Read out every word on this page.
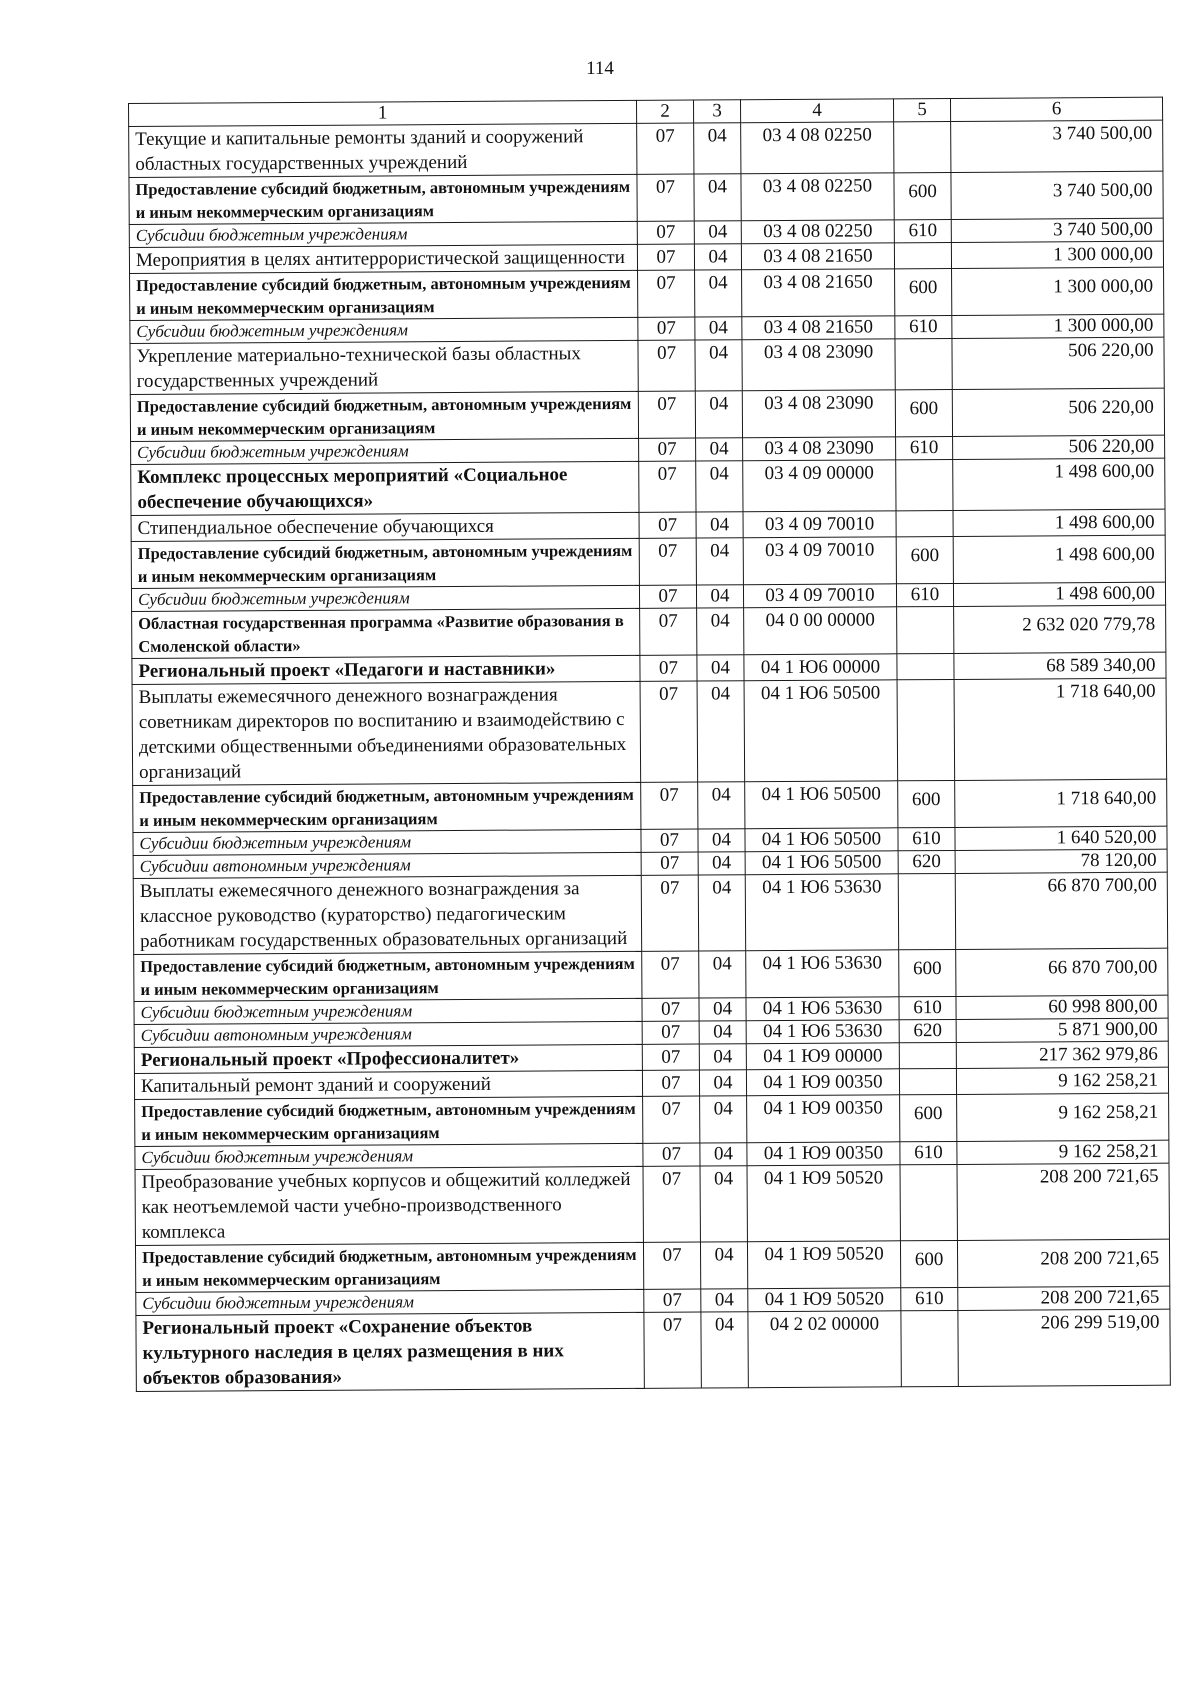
114
1	2	3	4	5	6
Текущие и капитальные ремонты зданий и сооружений областных государственных учреждений	07	04	03 4 08 02250		3 740 500,00
Предоставление субсидий бюджетным, автономным учреждениям и иным некоммерческим организациям	07	04	03 4 08 02250	600	3 740 500,00
Субсидии бюджетным учреждениям	07	04	03 4 08 02250	610	3 740 500,00
Мероприятия в целях антитеррористической защищенности	07	04	03 4 08 21650		1 300 000,00
Предоставление субсидий бюджетным, автономным учреждениям и иным некоммерческим организациям	07	04	03 4 08 21650	600	1 300 000,00
Субсидии бюджетным учреждениям	07	04	03 4 08 21650	610	1 300 000,00
Укрепление материально-технической базы областных государственных учреждений	07	04	03 4 08 23090		506 220,00
Предоставление субсидий бюджетным, автономным учреждениям и иным некоммерческим организациям	07	04	03 4 08 23090	600	506 220,00
Субсидии бюджетным учреждениям	07	04	03 4 08 23090	610	506 220,00
Комплекс процессных мероприятий «Социальное обеспечение обучающихся»	07	04	03 4 09 00000		1 498 600,00
Стипендиальное обеспечение обучающихся	07	04	03 4 09 70010		1 498 600,00
Предоставление субсидий бюджетным, автономным учреждениям и иным некоммерческим организациям	07	04	03 4 09 70010	600	1 498 600,00
Субсидии бюджетным учреждениям	07	04	03 4 09 70010	610	1 498 600,00
Областная государственная программа «Развитие образования в Смоленской области»	07	04	04 0 00 00000		2 632 020 779,78
Региональный проект «Педагоги и наставники»	07	04	04 1 Ю6 00000		68 589 340,00
Выплаты ежемесячного денежного вознаграждения советникам директоров по воспитанию и взаимодействию с детскими общественными объединениями образовательных организаций	07	04	04 1 Ю6 50500		1 718 640,00
Предоставление субсидий бюджетным, автономным учреждениям и иным некоммерческим организациям	07	04	04 1 Ю6 50500	600	1 718 640,00
Субсидии бюджетным учреждениям	07	04	04 1 Ю6 50500	610	1 640 520,00
Субсидии автономным учреждениям	07	04	04 1 Ю6 50500	620	78 120,00
Выплаты ежемесячного денежного вознаграждения за классное руководство (кураторство) педагогическим работникам государственных образовательных организаций	07	04	04 1 Ю6 53630		66 870 700,00
Предоставление субсидий бюджетным, автономным учреждениям и иным некоммерческим организациям	07	04	04 1 Ю6 53630	600	66 870 700,00
Субсидии бюджетным учреждениям	07	04	04 1 Ю6 53630	610	60 998 800,00
Субсидии автономным учреждениям	07	04	04 1 Ю6 53630	620	5 871 900,00
Региональный проект «Профессионалитет»	07	04	04 1 Ю9 00000		217 362 979,86
Капитальный ремонт зданий и сооружений	07	04	04 1 Ю9 00350		9 162 258,21
Предоставление субсидий бюджетным, автономным учреждениям и иным некоммерческим организациям	07	04	04 1 Ю9 00350	600	9 162 258,21
Субсидии бюджетным учреждениям	07	04	04 1 Ю9 00350	610	9 162 258,21
Преобразование учебных корпусов и общежитий колледжей как неотъемлемой части учебно-производственного комплекса	07	04	04 1 Ю9 50520		208 200 721,65
Предоставление субсидий бюджетным, автономным учреждениям и иным некоммерческим организациям	07	04	04 1 Ю9 50520	600	208 200 721,65
Субсидии бюджетным учреждениям	07	04	04 1 Ю9 50520	610	208 200 721,65
Региональный проект «Сохранение объектов культурного наследия в целях размещения в них объектов образования»	07	04	04 2 02 00000		206 299 519,00
